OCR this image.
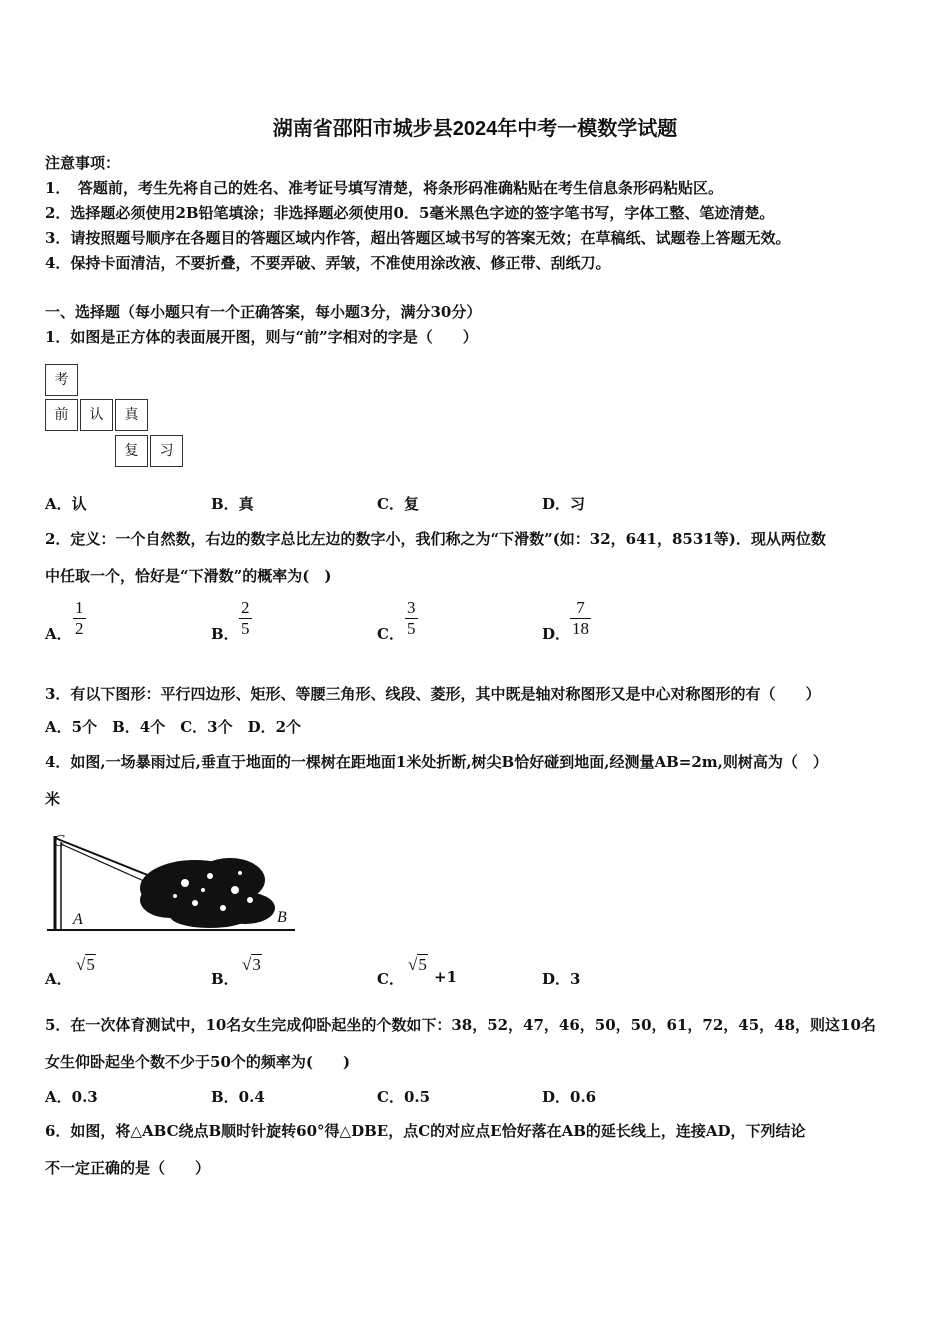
湖南省邵阳市城步县2024年中考一模数学试题
注意事项：
1．　答题前，考生先将自己的姓名、准考证号填写清楚，将条形码准确粘贴在考生信息条形码粘贴区。
2．选择题必须使用2B铅笔填涂；非选择题必须使用0．5毫米黑色字迹的签字笔书写，字体工整、笔迹清楚。
3．请按照题号顺序在各题目的答题区域内作答，超出答题区域书写的答案无效；在草稿纸、试题卷上答题无效。
4．保持卡面清洁，不要折叠，不要弄破、弄皱，不准使用涂改液、修正带、刮纸刀。
一、选择题（每小题只有一个正确答案，每小题3分，满分30分）
1．如图是正方体的表面展开图，则与“前”字相对的字是（　　）
考
前	认	真
复	习
A．认	B．真	C．复	D．习
2．定义：一个自然数，右边的数字总比左边的数字小，我们称之为“下滑数”(如：32，641，8531等)．现从两位数
中任取一个，恰好是“下滑数”的概率为(　)
A．
1
2	B．
2
5	C．
3
5	D．
7
18
3．有以下图形：平行四边形、矩形、等腰三角形、线段、菱形，其中既是轴对称图形又是中心对称图形的有（　　）
A．5个　B．4个　C．3个　D．2个
4．如图,一场暴雨过后,垂直于地面的一棵树在距地面1米处折断,树尖B恰好碰到地面,经测量AB=2m,则树高为（　）
米
C
A	B
A．
√5
B．
√3
C．
√5
+1	D．3
5．在一次体育测试中，10名女生完成仰卧起坐的个数如下：38，52，47，46，50，50，61，72，45，48，则这10名
女生仰卧起坐个数不少于50个的频率为(　　)
A．0.3	B．0.4	C．0.5	D．0.6
6．如图，将△ABC绕点B顺时针旋转60°得△DBE，点C的对应点E恰好落在AB的延长线上，连接AD，下列结论
不一定正确的是（　　）
